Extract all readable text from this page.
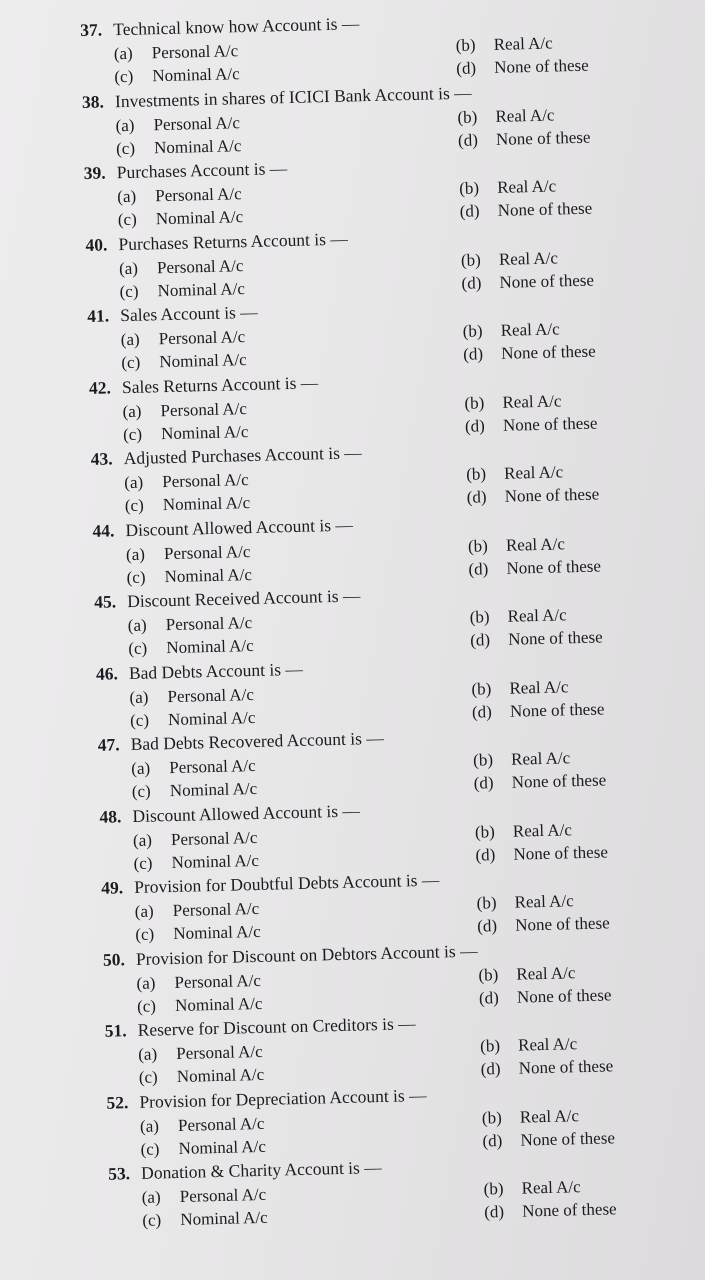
37. Technical know how Account is —
(a) Personal A/c
(c) Nominal A/c
(b) Real A/c
(d) None of these
38. Investments in shares of ICICI Bank Account is —
(a) Personal A/c
(c) Nominal A/c
(b) Real A/c
(d) None of these
39. Purchases Account is —
(a) Personal A/c
(c) Nominal A/c
(b) Real A/c
(d) None of these
40. Purchases Returns Account is —
(a) Personal A/c
(c) Nominal A/c
(b) Real A/c
(d) None of these
41. Sales Account is —
(a) Personal A/c
(c) Nominal A/c
(b) Real A/c
(d) None of these
42. Sales Returns Account is —
(a) Personal A/c
(c) Nominal A/c
(b) Real A/c
(d) None of these
43. Adjusted Purchases Account is —
(a) Personal A/c
(c) Nominal A/c
(b) Real A/c
(d) None of these
44. Discount Allowed Account is —
(a) Personal A/c
(c) Nominal A/c
(b) Real A/c
(d) None of these
45. Discount Received Account is —
(a) Personal A/c
(c) Nominal A/c
(b) Real A/c
(d) None of these
46. Bad Debts Account is —
(a) Personal A/c
(c) Nominal A/c
(b) Real A/c
(d) None of these
47. Bad Debts Recovered Account is —
(a) Personal A/c
(c) Nominal A/c
(b) Real A/c
(d) None of these
48. Discount Allowed Account is —
(a) Personal A/c
(c) Nominal A/c
(b) Real A/c
(d) None of these
49. Provision for Doubtful Debts Account is —
(a) Personal A/c
(c) Nominal A/c
(b) Real A/c
(d) None of these
50. Provision for Discount on Debtors Account is —
(a) Personal A/c
(c) Nominal A/c
(b) Real A/c
(d) None of these
51. Reserve for Discount on Creditors is —
(a) Personal A/c
(c) Nominal A/c
(b) Real A/c
(d) None of these
52. Provision for Depreciation Account is —
(a) Personal A/c
(c) Nominal A/c
(b) Real A/c
(d) None of these
53. Donation & Charity Account is —
(a) Personal A/c
(c) Nominal A/c
(b) Real A/c
(d) None of these
